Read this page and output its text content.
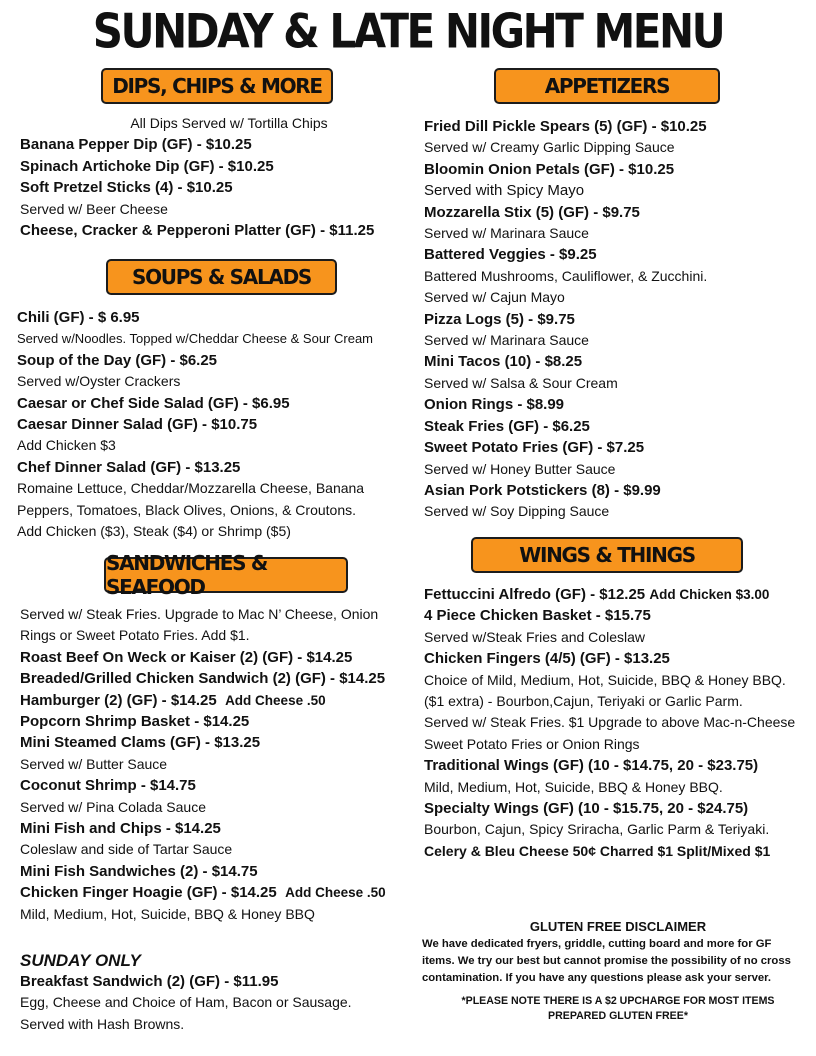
SUNDAY & LATE NIGHT MENU
DIPS, CHIPS & MORE	APPETIZERS
SOUPS & SALADS
WINGS & THINGS
SANDWICHES & SEAFOOD
All Dips Served w/ Tortilla Chips
Banana Pepper Dip (GF) - $10.25
Spinach Artichoke Dip (GF) - $10.25
Soft Pretzel Sticks (4) - $10.25
Served w/ Beer Cheese
Cheese, Cracker & Pepperoni Platter (GF) - $11.25
Chili (GF) - $ 6.95
Served w/Noodles. Topped w/Cheddar Cheese & Sour Cream
Soup of the Day (GF) - $6.25
Served w/Oyster Crackers
Caesar or Chef Side Salad (GF) - $6.95
Caesar Dinner Salad (GF) - $10.75
Add Chicken $3
Chef Dinner Salad (GF) - $13.25
Romaine Lettuce, Cheddar/Mozzarella Cheese, Banana
Peppers, Tomatoes, Black Olives, Onions, & Croutons.
Add Chicken ($3), Steak ($4) or Shrimp ($5)
Served w/ Steak Fries. Upgrade to Mac N’ Cheese, Onion
Rings or Sweet Potato Fries. Add $1.
Roast Beef On Weck or Kaiser (2) (GF) - $14.25
Breaded/Grilled Chicken Sandwich (2) (GF) - $14.25
Hamburger (2) (GF) - $14.25 Add Cheese .50
Popcorn Shrimp Basket - $14.25
Mini Steamed Clams (GF) - $13.25
Served w/ Butter Sauce
Coconut Shrimp - $14.75
Served w/ Pina Colada Sauce
Mini Fish and Chips - $14.25
Coleslaw and side of Tartar Sauce
Mini Fish Sandwiches (2) - $14.75
Chicken Finger Hoagie (GF) - $14.25 Add Cheese .50
Mild, Medium, Hot, Suicide, BBQ & Honey BBQ
SUNDAY ONLY
Breakfast Sandwich (2) (GF) - $11.95
Egg, Cheese and Choice of Ham, Bacon or Sausage.
Served with Hash Browns.
Fried Dill Pickle Spears (5) (GF) - $10.25
Served w/ Creamy Garlic Dipping Sauce
Bloomin Onion Petals (GF) - $10.25
Served with Spicy Mayo
Mozzarella Stix (5) (GF) - $9.75
Served w/ Marinara Sauce
Battered Veggies - $9.25
Battered Mushrooms, Cauliflower, & Zucchini.
Served w/ Cajun Mayo
Pizza Logs (5) - $9.75
Served w/ Marinara Sauce
Mini Tacos (10) - $8.25
Served w/ Salsa & Sour Cream
Onion Rings - $8.99
Steak Fries (GF) - $6.25
Sweet Potato Fries (GF) - $7.25
Served w/ Honey Butter Sauce
Asian Pork Potstickers (8) - $9.99
Served w/ Soy Dipping Sauce
Fettuccini Alfredo (GF) - $12.25 Add Chicken $3.00
4 Piece Chicken Basket - $15.75
Served w/Steak Fries and Coleslaw
Chicken Fingers (4/5) (GF) - $13.25
Choice of Mild, Medium, Hot, Suicide, BBQ & Honey BBQ.
($1 extra) - Bourbon,Cajun, Teriyaki or Garlic Parm.
Served w/ Steak Fries. $1 Upgrade to above Mac-n-Cheese
Sweet Potato Fries or Onion Rings
Traditional Wings (GF) (10 - $14.75, 20 - $23.75)
Mild, Medium, Hot, Suicide, BBQ & Honey BBQ.
Specialty Wings (GF) (10 - $15.75, 20 - $24.75)
Bourbon, Cajun, Spicy Sriracha, Garlic Parm & Teriyaki.
Celery & Bleu Cheese 50¢ Charred $1 Split/Mixed $1
GLUTEN FREE DISCLAIMER
We have dedicated fryers, griddle, cutting board and more for GF
items. We try our best but cannot promise the possibility of no cross
contamination. If you have any questions please ask your server.
*PLEASE NOTE THERE IS A $2 UPCHARGE FOR MOST ITEMS
PREPARED GLUTEN FREE*
